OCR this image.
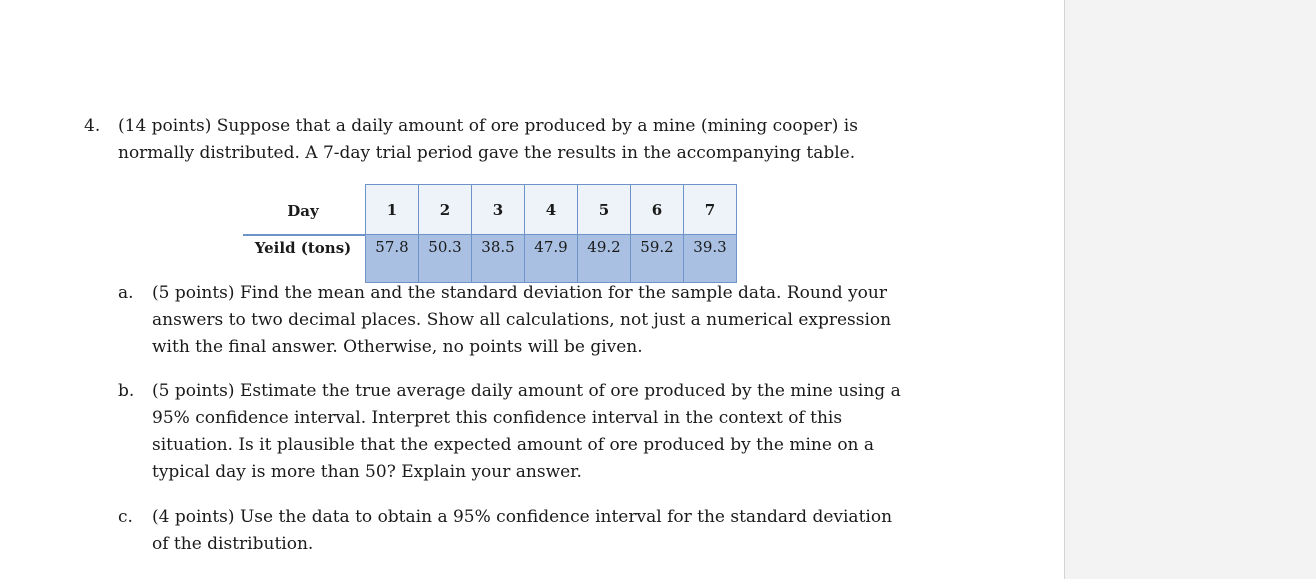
4. (14 points) Suppose that a daily amount of ore produced by a mine (mining cooper) is normally distributed. A 7-day trial period gave the results in the accompanying table.
Day	1	2	3	4	5	6	7
Yeild (tons)	57.8	50.3	38.5	47.9	49.2	59.2	39.3
a. (5 points) Find the mean and the standard deviation for the sample data. Round your answers to two decimal places. Show all calculations, not just a numerical expression with the final answer. Otherwise, no points will be given.
b. (5 points) Estimate the true average daily amount of ore produced by the mine using a 95% confidence interval. Interpret this confidence interval in the context of this situation. Is it plausible that the expected amount of ore produced by the mine on a typical day is more than 50? Explain your answer.
c. (4 points) Use the data to obtain a 95% confidence interval for the standard deviation of the distribution.
